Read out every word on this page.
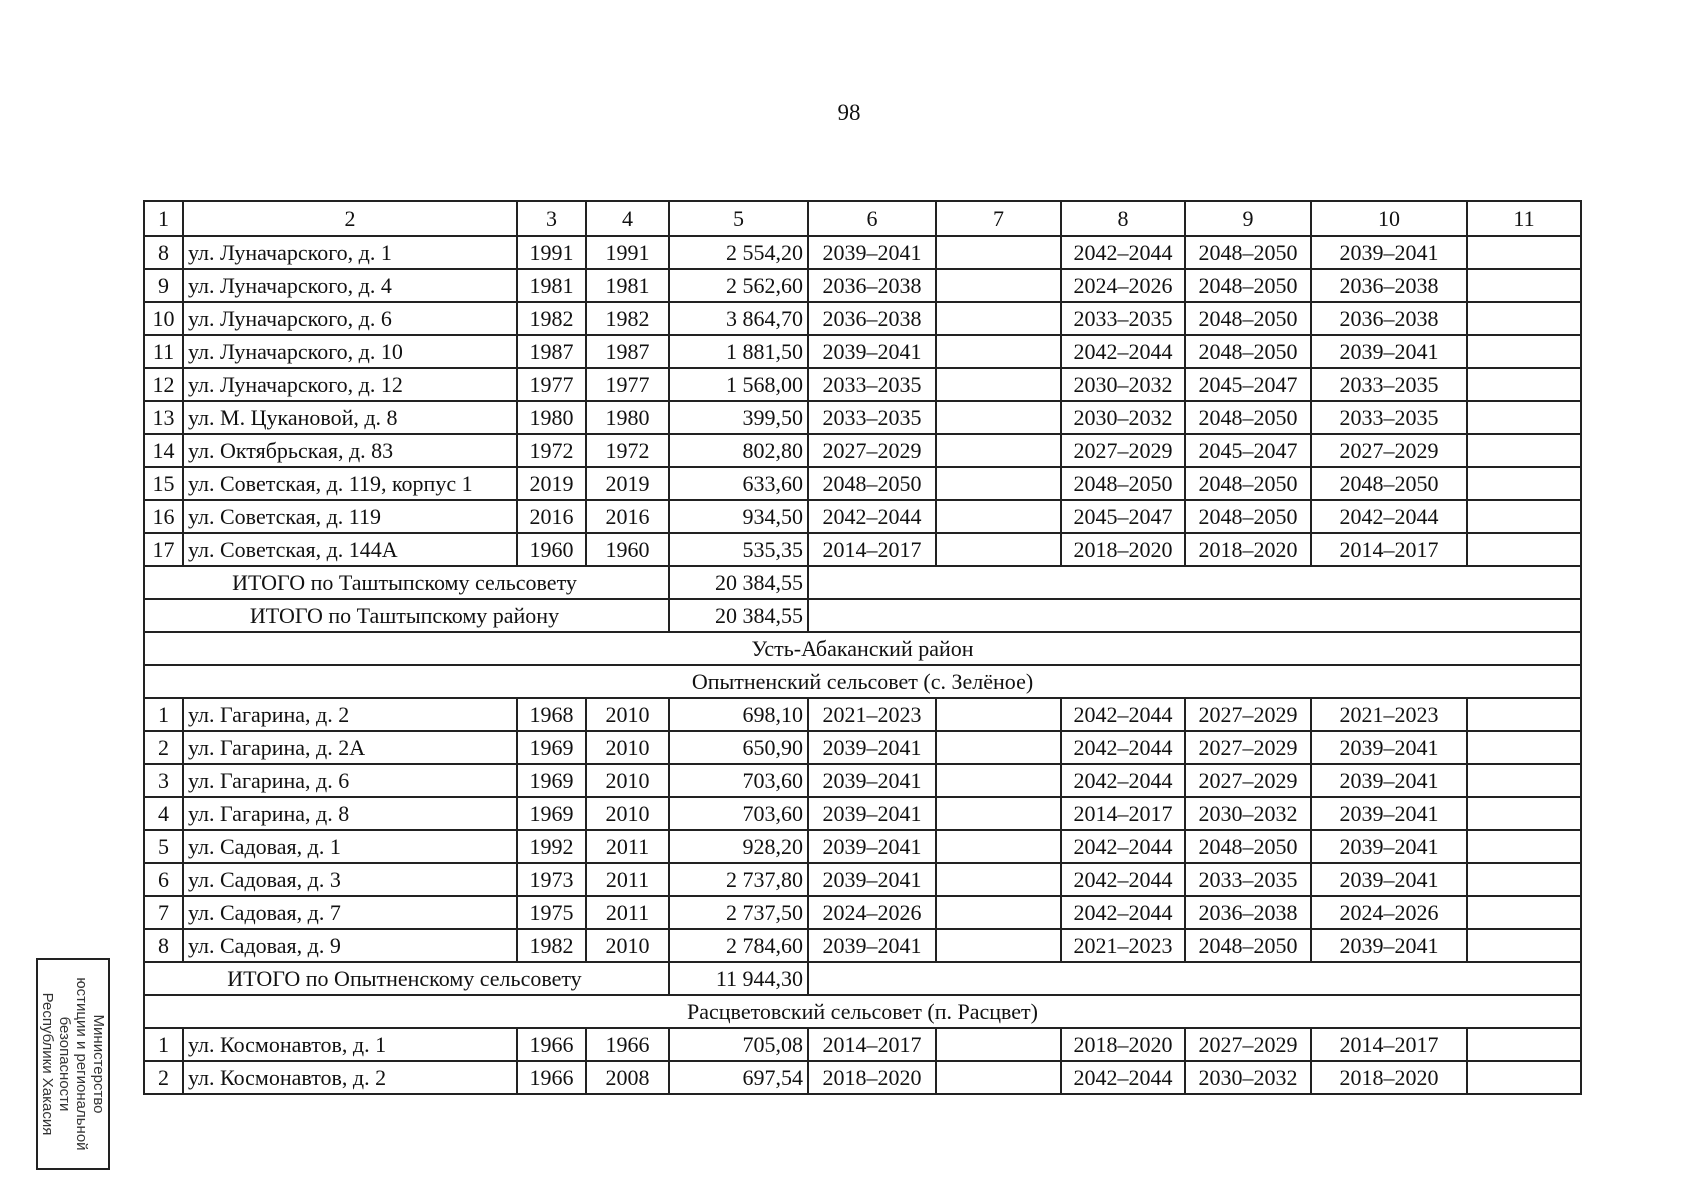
98
1	2	3	4	5	6	7	8	9	10	11
8	ул. Луначарского, д. 1	1991	1991	2 554,20	2039–2041		2042–2044	2048–2050	2039–2041	
9	ул. Луначарского, д. 4	1981	1981	2 562,60	2036–2038		2024–2026	2048–2050	2036–2038	
10	ул. Луначарского, д. 6	1982	1982	3 864,70	2036–2038		2033–2035	2048–2050	2036–2038	
11	ул. Луначарского, д. 10	1987	1987	1 881,50	2039–2041		2042–2044	2048–2050	2039–2041	
12	ул. Луначарского, д. 12	1977	1977	1 568,00	2033–2035		2030–2032	2045–2047	2033–2035	
13	ул. М. Цукановой, д. 8	1980	1980	399,50	2033–2035		2030–2032	2048–2050	2033–2035	
14	ул. Октябрьская, д. 83	1972	1972	802,80	2027–2029		2027–2029	2045–2047	2027–2029	
15	ул. Советская, д. 119, корпус 1	2019	2019	633,60	2048–2050		2048–2050	2048–2050	2048–2050	
16	ул. Советская, д. 119	2016	2016	934,50	2042–2044		2045–2047	2048–2050	2042–2044	
17	ул. Советская, д. 144А	1960	1960	535,35	2014–2017		2018–2020	2018–2020	2014–2017	
ИТОГО по Таштыпскому сельсовету				20 384,55						
ИТОГО по Таштыпскому району				20 384,55						
Усть-Абаканский район										
Опытненский сельсовет (с. Зелёное)										
1	ул. Гагарина, д. 2	1968	2010	698,10	2021–2023		2042–2044	2027–2029	2021–2023	
2	ул. Гагарина, д. 2А	1969	2010	650,90	2039–2041		2042–2044	2027–2029	2039–2041	
3	ул. Гагарина, д. 6	1969	2010	703,60	2039–2041		2042–2044	2027–2029	2039–2041	
4	ул. Гагарина, д. 8	1969	2010	703,60	2039–2041		2014–2017	2030–2032	2039–2041	
5	ул. Садовая, д. 1	1992	2011	928,20	2039–2041		2042–2044	2048–2050	2039–2041	
6	ул. Садовая, д. 3	1973	2011	2 737,80	2039–2041		2042–2044	2033–2035	2039–2041	
7	ул. Садовая, д. 7	1975	2011	2 737,50	2024–2026		2042–2044	2036–2038	2024–2026	
8	ул. Садовая, д. 9	1982	2010	2 784,60	2039–2041		2021–2023	2048–2050	2039–2041	
ИТОГО по Опытненскому сельсовету				11 944,30						
Расцветовский сельсовет (п. Расцвет)										
1	ул. Космонавтов, д. 1	1966	1966	705,08	2014–2017		2018–2020	2027–2029	2014–2017	
2	ул. Космонавтов, д. 2	1966	2008	697,54	2018–2020		2042–2044	2030–2032	2018–2020	
Министерство
юстиции и региональной
безопасности
Республики Хакасия
